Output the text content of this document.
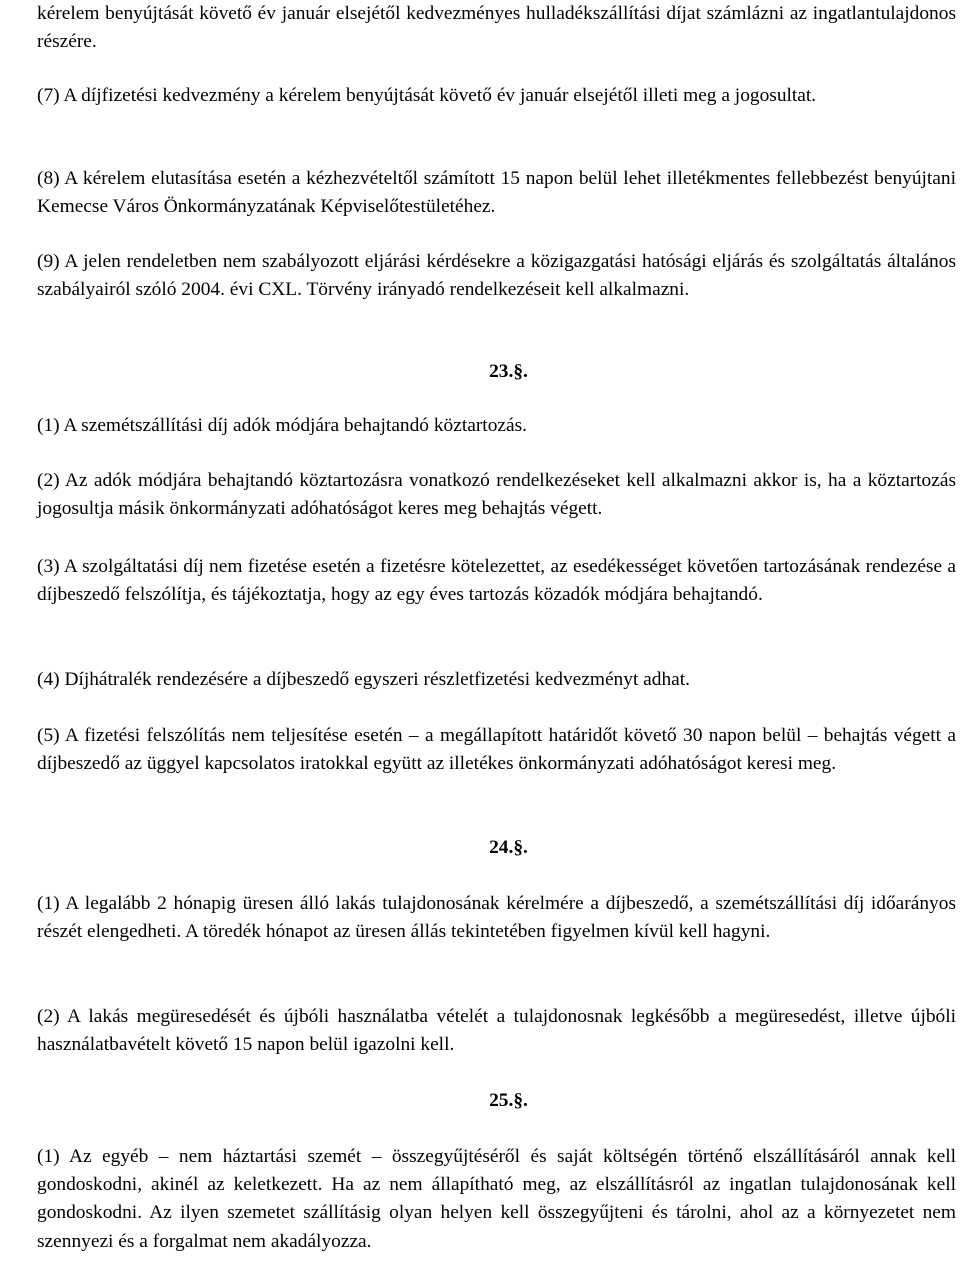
kérelem benyújtását követő év január elsejétől kedvezményes hulladékszállítási díjat számlázni az ingatlantulajdonos részére.

(7) A díjfizetési kedvezmény a kérelem benyújtását követő év január elsejétől illeti meg a jogosultat.

(8) A kérelem elutasítása esetén a kézhezvételtől számított 15 napon belül lehet illetékmentes fellebbezést benyújtani Kemecse Város Önkormányzatának Képviselőtestületéhez.

(9) A jelen rendeletben nem szabályozott eljárási kérdésekre a közigazgatási hatósági eljárás és szolgáltatás általános szabályairól szóló 2004. évi CXL. Törvény irányadó rendelkezéseit kell alkalmazni.

23.§.

(1) A szemétszállítási díj adók módjára behajtandó köztartozás.

(2) Az adók módjára behajtandó köztartozásra vonatkozó rendelkezéseket kell alkalmazni akkor is, ha a köztartozás jogosultja másik önkormányzati adóhatóságot keres meg behajtás végett.

(3) A szolgáltatási díj nem fizetése esetén a fizetésre kötelezettet, az esedékességet követően tartozásának rendezése a díjbeszedő felszólítja, és tájékoztatja, hogy az egy éves tartozás közadók módjára behajtandó.

(4) Díjhátralék rendezésére a díjbeszedő egyszeri részletfizetési kedvezményt adhat.

(5) A fizetési felszólítás nem teljesítése esetén – a megállapított határidőt követő 30 napon belül – behajtás végett a díjbeszedő az üggyel kapcsolatos iratokkal együtt az illetékes önkormányzati adóhatóságot keresi meg.

24.§.

(1) A legalább 2 hónapig üresen álló lakás tulajdonosának kérelmére a díjbeszedő, a szemétszállítási díj időarányos részét elengedheti. A töredék hónapot az üresen állás tekintetében figyelmen kívül kell hagyni.

(2) A lakás megüresedését és újbóli használatba vételét a tulajdonosnak legkésőbb a megüresedést, illetve újbóli használatbavételt követő 15 napon belül igazolni kell.

25.§.

(1) Az egyéb – nem háztartási szemét – összegyűjtéséről és saját költségén történő elszállításáról annak kell gondoskodni, akinél az keletkezett. Ha az nem állapítható meg, az elszállításról az ingatlan tulajdonosának kell gondoskodni. Az ilyen szemetet szállításig olyan helyen kell összegyűjteni és tárolni, ahol az a környezetet nem szennyezi és a forgalmat nem akadályozza.
